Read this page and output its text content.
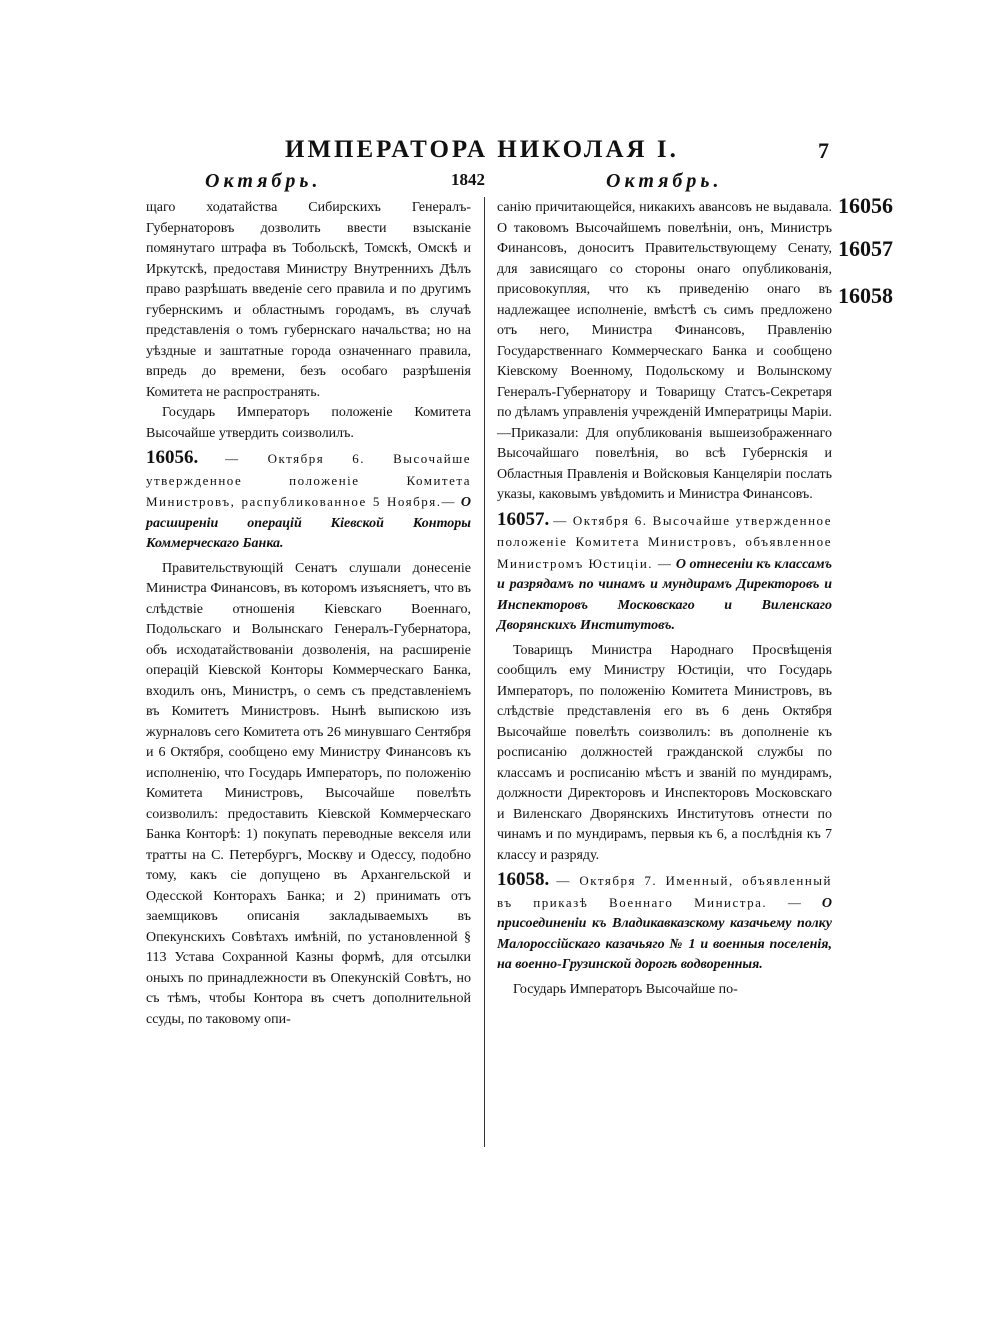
ИМПЕРАТОРА НИКОЛАЯ I.	7
Октябрь.	1842	Октябрь.

щаго ходатайства Сибирскихъ Генералъ-Губернаторовъ дозволить ввести взысканіе помянутаго штрафа въ Тобольскѣ, Томскѣ, Омскѣ и Иркутскѣ, предоставя Министру Внутреннихъ Дѣлъ право разрѣшать введеніе сего правила и по другимъ губернскимъ и областнымъ городамъ, въ случаѣ представленія о томъ губернскаго начальства; но на уѣздные и заштатные города означеннаго правила, впредь до времени, безъ особаго разрѣшенія Комитета не распространять.

Государь Императоръ положеніе Комитета Высочайше утвердить соизволилъ.

16056. — Октября 6. Высочайше утвержденное положеніе Комитета Министровъ, распубликованное 5 Ноября.— О расширеніи операцій Кіевской Конторы Коммерческаго Банка.

Правительствующій Сенатъ слушали донесеніе Министра Финансовъ, въ которомъ изъясняетъ, что въ слѣдствіе отношенія Кіевскаго Военнаго, Подольскаго и Волынскаго Генералъ-Губернатора, объ исходатайствованіи дозволенія, на расширеніе операцій Кіевской Конторы Коммерческаго Банка, входилъ онъ, Министръ, о семъ съ представленіемъ въ Комитетъ Министровъ. Нынѣ выпискою изъ журналовъ сего Комитета отъ 26 минувшаго Сентября и 6 Октября, сообщено ему Министру Финансовъ къ исполненію, что Государь Императоръ, по положенію Комитета Министровъ, Высочайше повелѣть соизволилъ: предоставить Кіевской Коммерческаго Банка Конторѣ: 1) покупать переводные векселя или тратты на С. Петербургъ, Москву и Одессу, подобно тому, какъ сіе допущено въ Архангельской и Одесской Конторахъ Банка; и 2) принимать отъ заемщиковъ описанія закладываемыхъ въ Опекунскихъ Совѣтахъ имѣній, по установленной § 113 Устава Сохранной Казны формѣ, для отсылки оныхъ по принадлежности въ Опекунскій Совѣтъ, но съ тѣмъ, чтобы Контора въ счетъ дополнительной ссуды, по таковому опи-

санію причитающейся, никакихъ авансовъ не выдавала. О таковомъ Высочайшемъ повелѣніи, онъ, Министръ Финансовъ, доноситъ Правительствующему Сенату, для зависящаго со стороны онаго опубликованія, присовокупляя, что къ приведенію онаго въ надлежащее исполненіе, вмѣстѣ съ симъ предложено отъ него, Министра Финансовъ, Правленію Государственнаго Коммерческаго Банка и сообщено Кіевскому Военному, Подольскому и Волынскому Генералъ-Губернатору и Товарищу Статсъ-Секретаря по дѣламъ управленія учрежденій Императрицы Маріи.—Приказали: Для опубликованія вышеизображеннаго Высочайшаго повелѣнія, во всѣ Губернскія и Областныя Правленія и Войсковыя Канцеляріи послать указы, каковымъ увѣдомить и Министра Финансовъ.

16057. — Октября 6. Высочайше утвержденное положеніе Комитета Министровъ, объявленное Министромъ Юстиціи. — О отнесеніи къ классамъ и разрядамъ по чинамъ и мундирамъ Директоровъ и Инспекторовъ Московскаго и Виленскаго Дворянскихъ Институтовъ.

Товарищъ Министра Народнаго Просвѣщенія сообщилъ ему Министру Юстиціи, что Государь Императоръ, по положенію Комитета Министровъ, въ слѣдствіе представленія его въ 6 день Октября Высочайше повелѣть соизволилъ: въ дополненіе къ росписанію должностей гражданской службы по классамъ и росписанію мѣстъ и званій по мундирамъ, должности Директоровъ и Инспекторовъ Московскаго и Виленскаго Дворянскихъ Институтовъ отнести по чинамъ и по мундирамъ, первыя къ 6, а послѣднія къ 7 классу и разряду.

16058. — Октября 7. Именный, объявленный въ приказѣ Военнаго Министра. — О присоединеніи къ Владикавказскому казачьему полку Малороссійскаго казачьяго № 1 и военныя поселенія, на военно-Грузинской дорогѣ водворенныя.

Государь Императоръ Высочайше по-

16056
16057
16058
